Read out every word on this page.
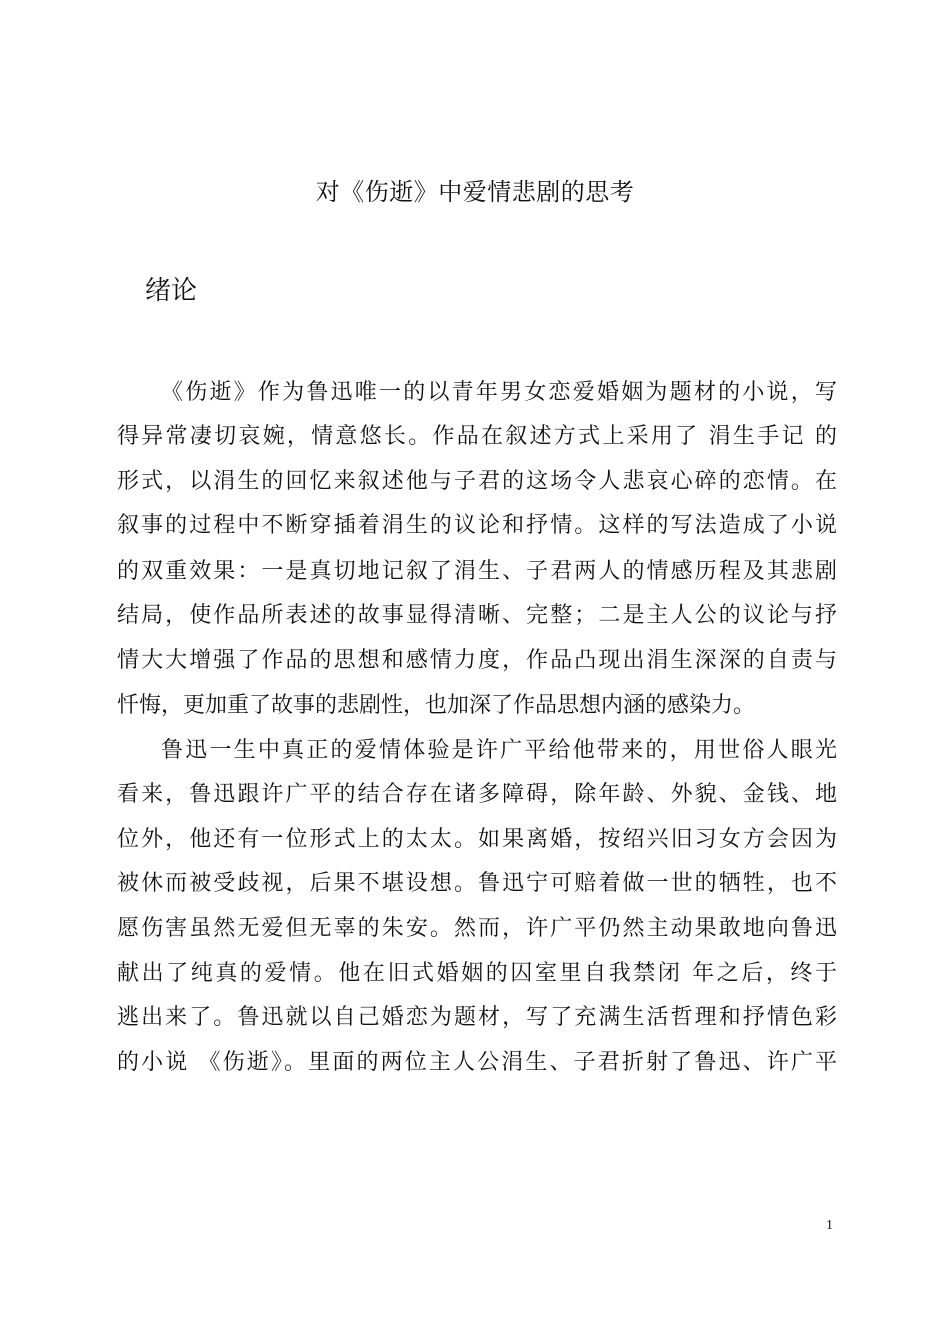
对《伤逝》中爱情悲剧的思考
绪论
《伤逝》作为鲁迅唯一的以青年男女恋爱婚姻为题材的小说，写
得异常凄切哀婉，情意悠长。作品在叙述方式上采用了 涓生手记 的
形式，以涓生的回忆来叙述他与子君的这场令人悲哀心碎的恋情。在
叙事的过程中不断穿插着涓生的议论和抒情。这样的写法造成了小说
的双重效果：一是真切地记叙了涓生、子君两人的情感历程及其悲剧
结局，使作品所表述的故事显得清晰、完整；二是主人公的议论与抒
情大大增强了作品的思想和感情力度，作品凸现出涓生深深的自责与
忏悔，更加重了故事的悲剧性，也加深了作品思想内涵的感染力。
鲁迅一生中真正的爱情体验是许广平给他带来的，用世俗人眼光
看来，鲁迅跟许广平的结合存在诸多障碍，除年龄、外貌、金钱、地
位外，他还有一位形式上的太太。如果离婚，按绍兴旧习女方会因为
被休而被受歧视，后果不堪设想。鲁迅宁可赔着做一世的牺牲，也不
愿伤害虽然无爱但无辜的朱安。然而，许广平仍然主动果敢地向鲁迅
献出了纯真的爱情。他在旧式婚姻的囚室里自我禁闭 年之后，终于
逃出来了。鲁迅就以自己婚恋为题材，写了充满生活哲理和抒情色彩
的小说 《伤逝》。里面的两位主人公涓生、子君折射了鲁迅、许广平
1
